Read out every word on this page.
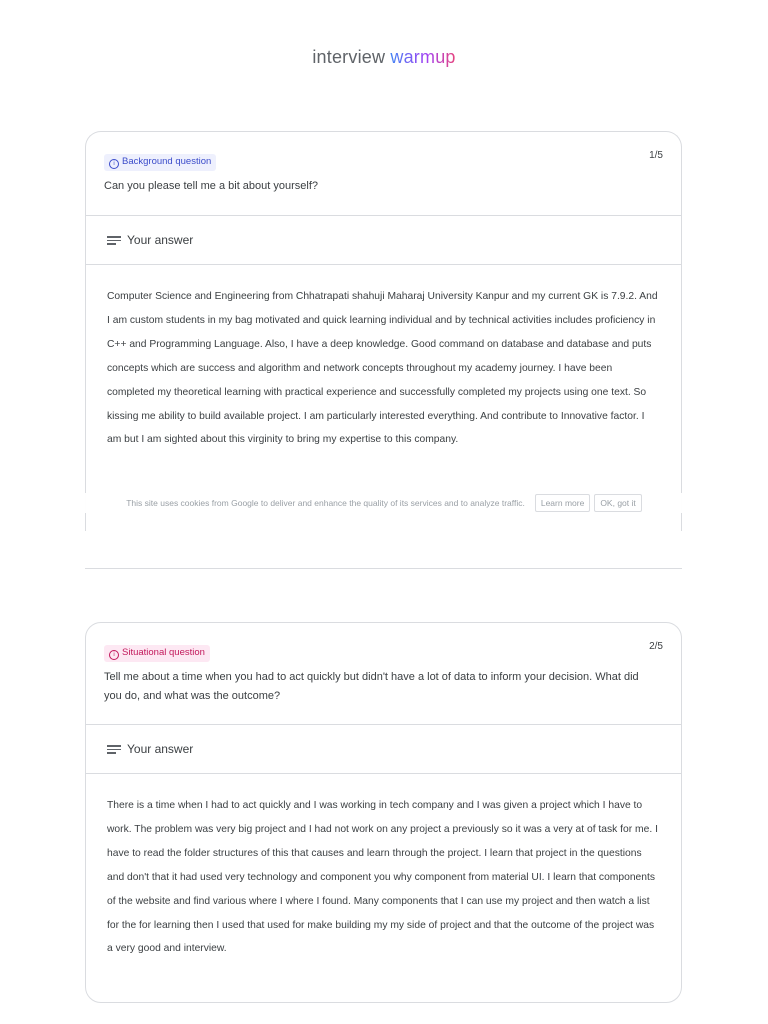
interview warmup
i Background question
1/5
Can you please tell me a bit about yourself?
Your answer
Computer Science and Engineering from Chhatrapati shahuji Maharaj University Kanpur and my current GK is 7.9.2. And I am custom students in my bag motivated and quick learning individual and by technical activities includes proficiency in C++ and Programming Language. Also, I have a deep knowledge. Good command on database and database and puts concepts which are success and algorithm and network concepts throughout my academy journey. I have been completed my theoretical learning with practical experience and successfully completed my projects using one text. So kissing me ability to build available project. I am particularly interested everything. And contribute to Innovative factor. I am but I am sighted about this virginity to bring my expertise to this company.
This site uses cookies from Google to deliver and enhance the quality of its services and to analyze traffic.	Learn more	OK, got it
i Situational question
2/5
Tell me about a time when you had to act quickly but didn't have a lot of data to inform your decision. What did you do, and what was the outcome?
Your answer
There is a time when I had to act quickly and I was working in tech company and I was given a project which I have to work. The problem was very big project and I had not work on any project a previously so it was a very at of task for me. I have to read the folder structures of this that causes and learn through the project. I learn that project in the questions and don't that it had used very technology and component you why component from material UI. I learn that components of the website and find various where I where I found. Many components that I can use my project and then watch a list for the for learning then I used that used for make building my my side of project and that the outcome of the project was a very good and interview.
